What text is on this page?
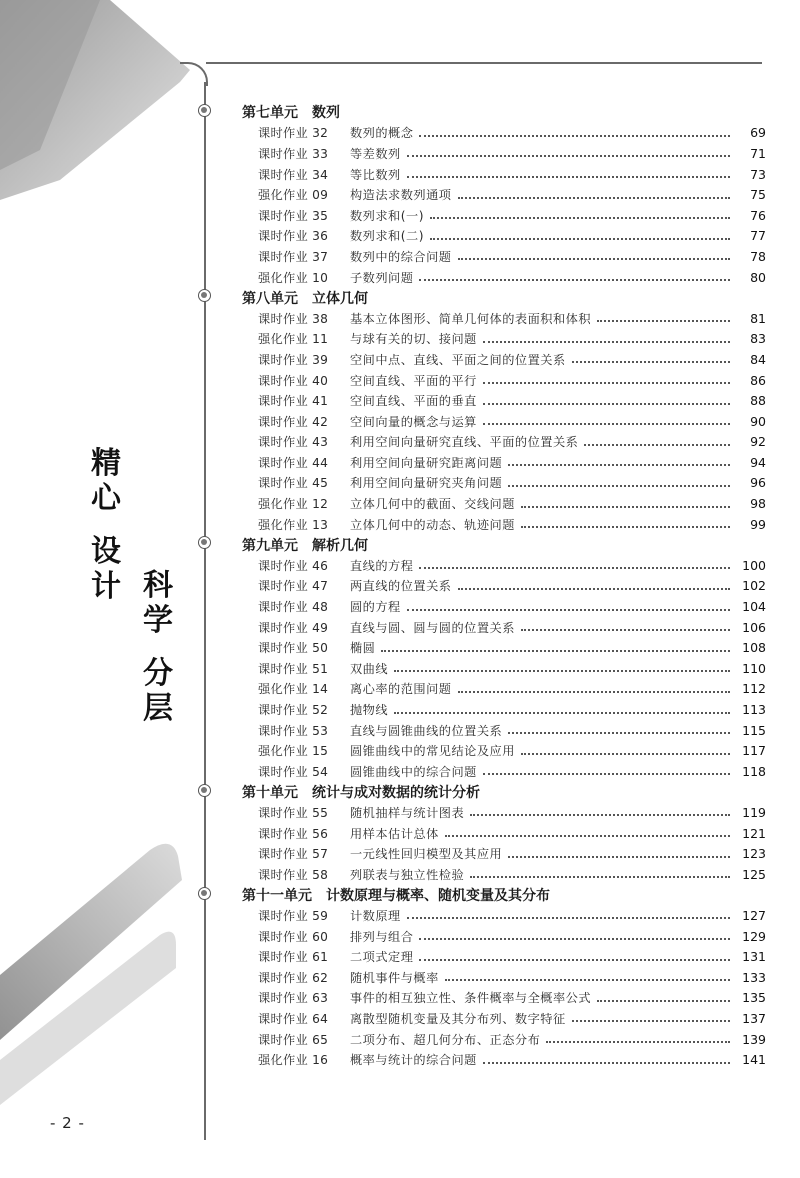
精
心
设
计 科
学
分
层
第七单元 数列
课时作业 32	数列的概念	69
课时作业 33	等差数列	71
课时作业 34	等比数列	73
强化作业 09	构造法求数列通项	75
课时作业 35	数列求和(一)	76
课时作业 36	数列求和(二)	77
课时作业 37	数列中的综合问题	78
强化作业 10	子数列问题	80
第八单元 立体几何
课时作业 38	基本立体图形、简单几何体的表面积和体积	81
强化作业 11	与球有关的切、接问题	83
课时作业 39	空间中点、直线、平面之间的位置关系	84
课时作业 40	空间直线、平面的平行	86
课时作业 41	空间直线、平面的垂直	88
课时作业 42	空间向量的概念与运算	90
课时作业 43	利用空间向量研究直线、平面的位置关系	92
课时作业 44	利用空间向量研究距离问题	94
课时作业 45	利用空间向量研究夹角问题	96
强化作业 12	立体几何中的截面、交线问题	98
强化作业 13	立体几何中的动态、轨迹问题	99
第九单元 解析几何
课时作业 46	直线的方程	100
课时作业 47	两直线的位置关系	102
课时作业 48	圆的方程	104
课时作业 49	直线与圆、圆与圆的位置关系	106
课时作业 50	椭圆	108
课时作业 51	双曲线	110
强化作业 14	离心率的范围问题	112
课时作业 52	抛物线	113
课时作业 53	直线与圆锥曲线的位置关系	115
强化作业 15	圆锥曲线中的常见结论及应用	117
课时作业 54	圆锥曲线中的综合问题	118
第十单元 统计与成对数据的统计分析
课时作业 55	随机抽样与统计图表	119
课时作业 56	用样本估计总体	121
课时作业 57	一元线性回归模型及其应用	123
课时作业 58	列联表与独立性检验	125
第十一单元 计数原理与概率、随机变量及其分布
课时作业 59	计数原理	127
课时作业 60	排列与组合	129
课时作业 61	二项式定理	131
课时作业 62	随机事件与概率	133
课时作业 63	事件的相互独立性、条件概率与全概率公式	135
课时作业 64	离散型随机变量及其分布列、数字特征	137
课时作业 65	二项分布、超几何分布、正态分布	139
强化作业 16	概率与统计的综合问题	141
- 2 -
